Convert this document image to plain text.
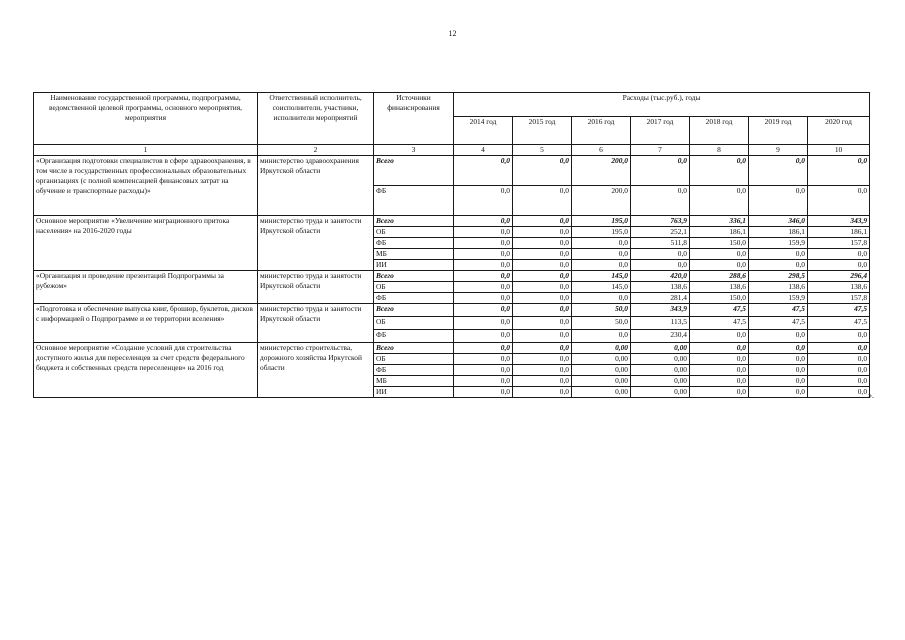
12
Наименование государственной программы, подпрограммы, ведомственной целевой программы, основного мероприятия, мероприятия	Ответственный исполнитель, соисполнители, участники, исполнители мероприятий	Источники финансирования	Расходы (тыс.руб.), годы						
			2014 год	2015 год	2016 год	2017 год	2018 год	2019 год	2020 год
1	2	3	4	5	6	7	8	9	10
«Организация подготовки специалистов в сфере здравоохранения, в том числе в государственных профессиональных образовательных организациях (с полной компенсацией финансовых затрат на обучение и транспортные расходы)»	министерство здравоохранения Иркутской области	Всего	0,0	0,0	200,0	0,0	0,0	0,0	0,0
		ФБ	0,0	0,0	200,0	0,0	0,0	0,0	0,0
Основное мероприятие «Увеличение миграционного притока населения» на 2016-2020 годы	министерство труда и занятости Иркутской области	Всего	0,0	0,0	195,0	763,9	336,1	346,0	343,9
		ОБ	0,0	0,0	195,0	252,1	186,1	186,1	186,1
		ФБ	0,0	0,0	0,0	511,8	150,0	159,9	157,8
		МБ	0,0	0,0	0,0	0,0	0,0	0,0	0,0
		ИИ	0,0	0,0	0,0	0,0	0,0	0,0	0,0
«Организация и проведение презентаций Подпрограммы за рубежом»	министерство труда и занятости Иркутской области	Всего	0,0	0,0	145,0	420,0	288,6	298,5	296,4
		ОБ	0,0	0,0	145,0	138,6	138,6	138,6	138,6
		ФБ	0,0	0,0	0,0	281,4	150,0	159,9	157,8
«Подготовка и обеспечение выпуска книг, брошюр, буклетов, дисков с информацией о Подпрограмме и ее территории вселения»	министерство труда и занятости Иркутской области	Всего	0,0	0,0	50,0	343,9	47,5	47,5	47,5
		ОБ	0,0	0,0	50,0	113,5	47,5	47,5	47,5
		ФБ	0,0	0,0	0,0	230,4	0,0	0,0	0,0
Основное мероприятие «Создание условий для строительства доступного жилья для переселенцев за счет средств федерального бюджета и собственных средств переселенцев» на 2016 год	министерство строительства, дорожного хозяйства Иркутской области	Всего	0,0	0,0	0,00	0,00	0,0	0,0	0,0
		ОБ	0,0	0,0	0,00	0,00	0,0	0,0	0,0
		ФБ	0,0	0,0	0,00	0,00	0,0	0,0	0,0
		МБ	0,0	0,0	0,00	0,00	0,0	0,0	0,0
		ИИ	0,0	0,0	0,00	0,00	0,0	0,0	0,0 ».
